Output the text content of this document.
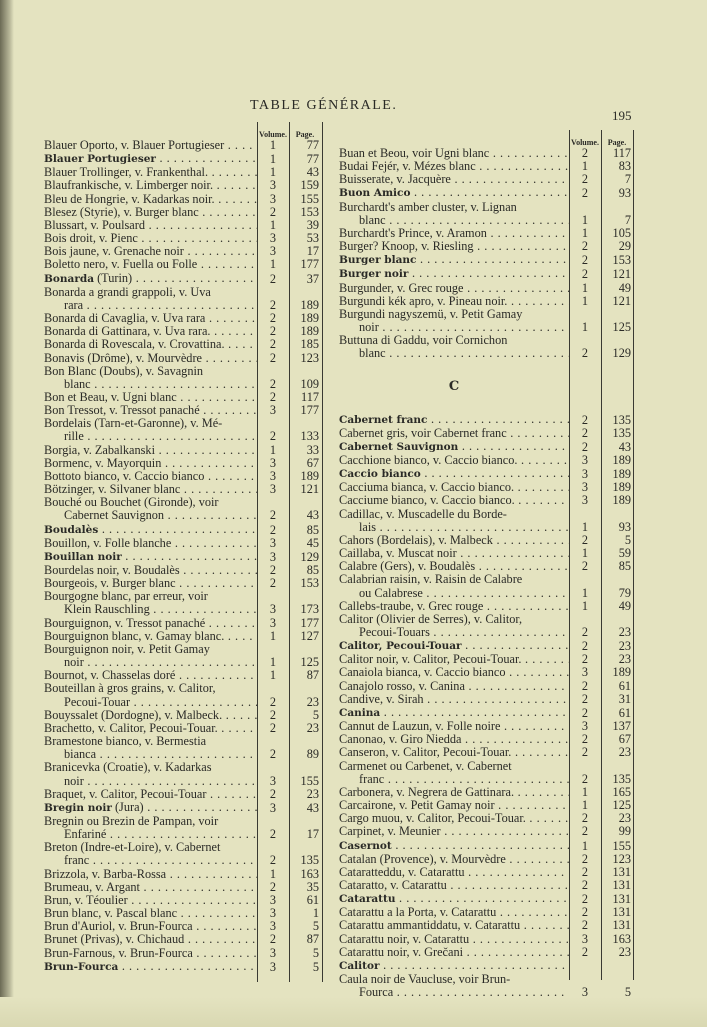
TABLE GÉNÉRALE.
195
Volume.	Page.
Blauer Oporto, v. Blauer Portugieser . . .	1	77
Blauer Portugieser . . .	1	77
Blauer Trollinger, v. Frankenthal. . . .	1	43
Blaufrankische, v. Limberger noir. . . .	3	159
Bleu de Hongrie, v. Kadarkas noir. . . .	3	155
Blesez (Styrie), v. Burger blanc . . .	2	153
Blussart, v. Poulsard . . .	1	39
Bois droit, v. Pienc . . .	3	53
Bois jaune, v. Grenache noir . . .	3	17
Boletto nero, v. Fuella ou Folle . . .	1	177
Bonarda (Turin) . . .	2	37
Bonarda a grandi grappoli, v. Uva
rara . . .	2	189
Bonarda di Cavaglia, v. Uva rara . . .	2	189
Bonarda di Gattinara, v. Uva rara. . . .	2	189
Bonarda di Rovescala, v. Crovattina. . . .	2	185
Bonavis (Drôme), v. Mourvèdre . . .	2	123
Bon Blanc (Doubs), v. Savagnin
blanc . . .	2	109
Bon et Beau, v. Ugni blanc . . .	2	117
Bon Tressot, v. Tressot panaché . . .	3	177
Bordelais (Tarn-et-Garonne), v. Mé-
rille . . .	2	133
Borgia, v. Zabalkanski . . .	1	33
Bormenc, v. Mayorquin . . .	3	67
Bottoto bianco, v. Caccio bianco . . .	3	189
Bötzinger, v. Silvaner blanc . . .	3	121
Bouché ou Bouchet (Gironde), voir
Cabernet Sauvignon . . .	2	43
Boudalès . . .	2	85
Bouillon, v. Folle blanche . . .	3	45
Bouillan noir . . .	3	129
Bourdelas noir, v. Boudalès . . .	2	85
Bourgeois, v. Burger blanc . . .	2	153
Bourgogne blanc, par erreur, voir
Klein Rauschling . . .	3	173
Bourguignon, v. Tressot panaché . . .	3	177
Bourguignon blanc, v. Gamay blanc. . . .	1	127
Bourguignon noir, v. Petit Gamay
noir . . .	1	125
Bournot, v. Chasselas doré . . .	1	87
Bouteillan à gros grains, v. Calitor,
Pecoui-Touar . . .	2	23
Bouyssalet (Dordogne), v. Malbeck. . . .	2	5
Brachetto, v. Calitor, Pecoui-Touar. . . .	2	23
Bramestone bianco, v. Bermestia
bianca . . .	2	89
Branicevka (Croatie), v. Kadarkas
noir . . .	3	155
Braquet, v. Calitor, Pecoui-Touar . . .	2	23
Bregin noir (Jura) . . .	3	43
Bregnin ou Brezin de Pampan, voir
Enfariné . . .	2	17
Breton (Indre-et-Loire), v. Cabernet
franc . . .	2	135
Brizzola, v. Barba-Rossa . . .	1	163
Brumeau, v. Argant . . .	2	35
Brun, v. Téoulier . . .	3	61
Brun blanc, v. Pascal blanc . . .	3	1
Brun d'Auriol, v. Brun-Fourca . . .	3	5
Brunet (Privas), v. Chichaud . . .	2	87
Brun-Farnous, v. Brun-Fourca . . .	3	5
Brun-Fourca . . .	3	5
Volume.	Page.
Buan et Beou, voir Ugni blanc . . .	2	117
Budai Fejér, v. Mézes blanc . . .	1	83
Buisserate, v. Jacquère . . .	2	7
Buon Amico . . .	2	93
Burchardt's amber cluster, v. Lignan
blanc . . .	1	7
Burchardt's Prince, v. Aramon . . .	1	105
Burger? Knoop, v. Riesling . . .	2	29
Burger blanc . . .	2	153
Burger noir . . .	2	121
Burgunder, v. Grec rouge . . .	1	49
Burgundi kék apro, v. Pineau noir. . . .	1	121
Burgundi nagyszemü, v. Petit Gamay
noir . . .	1	125
Buttuna di Gaddu, voir Cornichon
blanc . . .	2	129
C
Cabernet franc . . .	2	135
Cabernet gris, voir Cabernet franc . . .	2	135
Cabernet Sauvignon . . .	2	43
Cacchione bianco, v. Caccio bianco. . . .	3	189
Caccio bianco . . .	3	189
Cacciuma bianca, v. Caccio bianco. . . .	3	189
Cacciume bianco, v. Caccio bianco. . . .	3	189
Cadillac, v. Muscadelle du Borde-
lais . . .	1	93
Cahors (Bordelais), v. Malbeck . . .	2	5
Caillaba, v. Muscat noir . . .	1	59
Calabre (Gers), v. Boudalès . . .	2	85
Calabrian raisin, v. Raisin de Calabre
ou Calabrese . . .	1	79
Callebs-traube, v. Grec rouge . . .	1	49
Calitor (Olivier de Serres), v. Calitor,
Pecoui-Touars . . .	2	23
Calitor, Pecoui-Touar . . .	2	23
Calitor noir, v. Calitor, Pecoui-Touar. . . .	2	23
Canaiola bianca, v. Caccio bianco . . .	3	189
Canajolo rosso, v. Canina . . .	2	61
Candive, v. Sirah . . .	2	31
Canina . . .	2	61
Cannut de Lauzun, v. Folle noire . . .	3	137
Canonao, v. Giro Niedda . . .	2	67
Canseron, v. Calitor, Pecoui-Touar. . . .	2	23
Carmenet ou Carbenet, v. Cabernet
franc . . .	2	135
Carbonera, v. Negrera de Gattinara. . . .	1	165
Carcairone, v. Petit Gamay noir . . .	1	125
Cargo muou, v. Calitor, Pecoui-Touar. . . .	2	23
Carpinet, v. Meunier . . .	2	99
Casernot . . .	1	155
Catalan (Provence), v. Mourvèdre . . .	2	123
Cataratteddu, v. Catarattu . . .	2	131
Cataratto, v. Catarattu . . .	2	131
Catarattu . . .	2	131
Catarattu a la Porta, v. Catarattu . . .	2	131
Catarattu ammantiddatu, v. Catarattu . . .	2	131
Catarattu noir, v. Catarattu . . .	3	163
Catarattu noir, v. Grečani . . .	2	23
Calitor . . .
Caula noir de Vaucluse, voir Brun-
Fourca . . .	3	5
